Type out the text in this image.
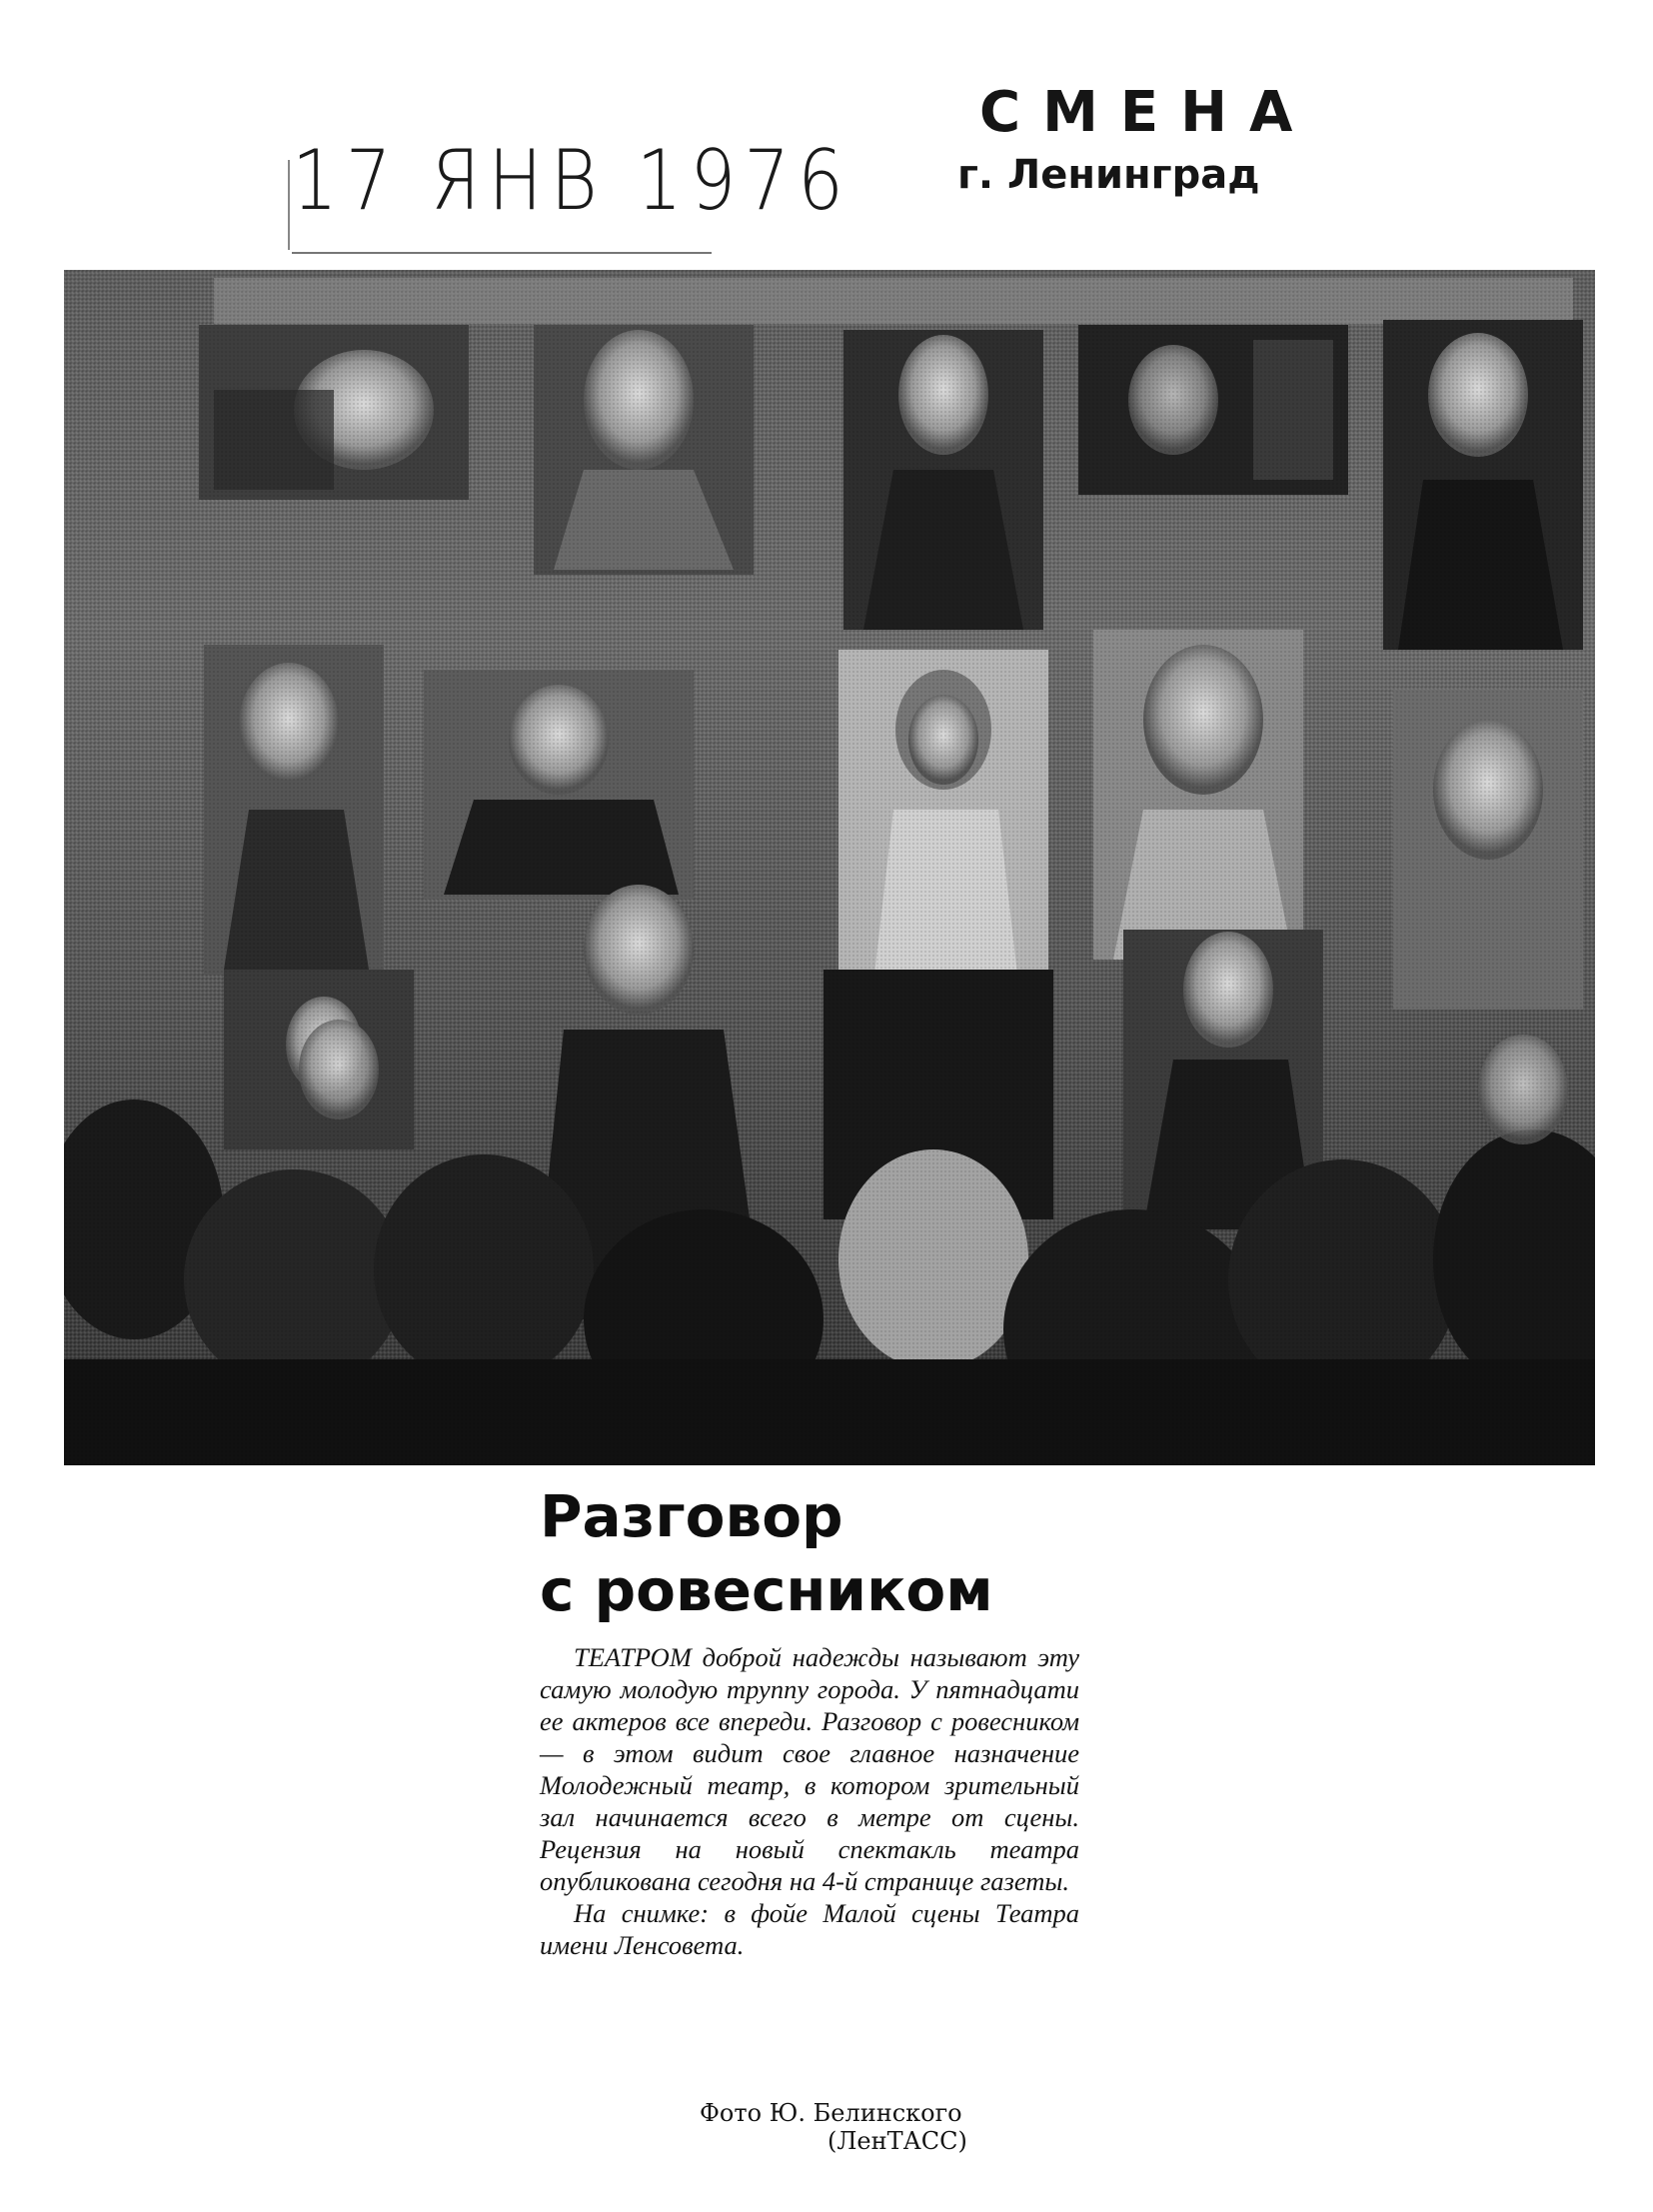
17 ЯНВ 1976
СМЕНА
г. Ленинград
Разговор
с ровесником

ТЕАТРОМ доброй надежды называют эту самую молодую труппу города. У пятнадцати ее актеров все впереди. Разговор с ровесником — в этом видит свое главное назначение Молодежный театр, в котором зрительный зал начинается всего в метре от сцены. Рецензия на новый спектакль театра опубликована сегодня на 4-й странице газеты.

На снимке: в фойе Малой сцены Театра имени Ленсовета.

Фото Ю. Белинского
(ЛенТАСС)
